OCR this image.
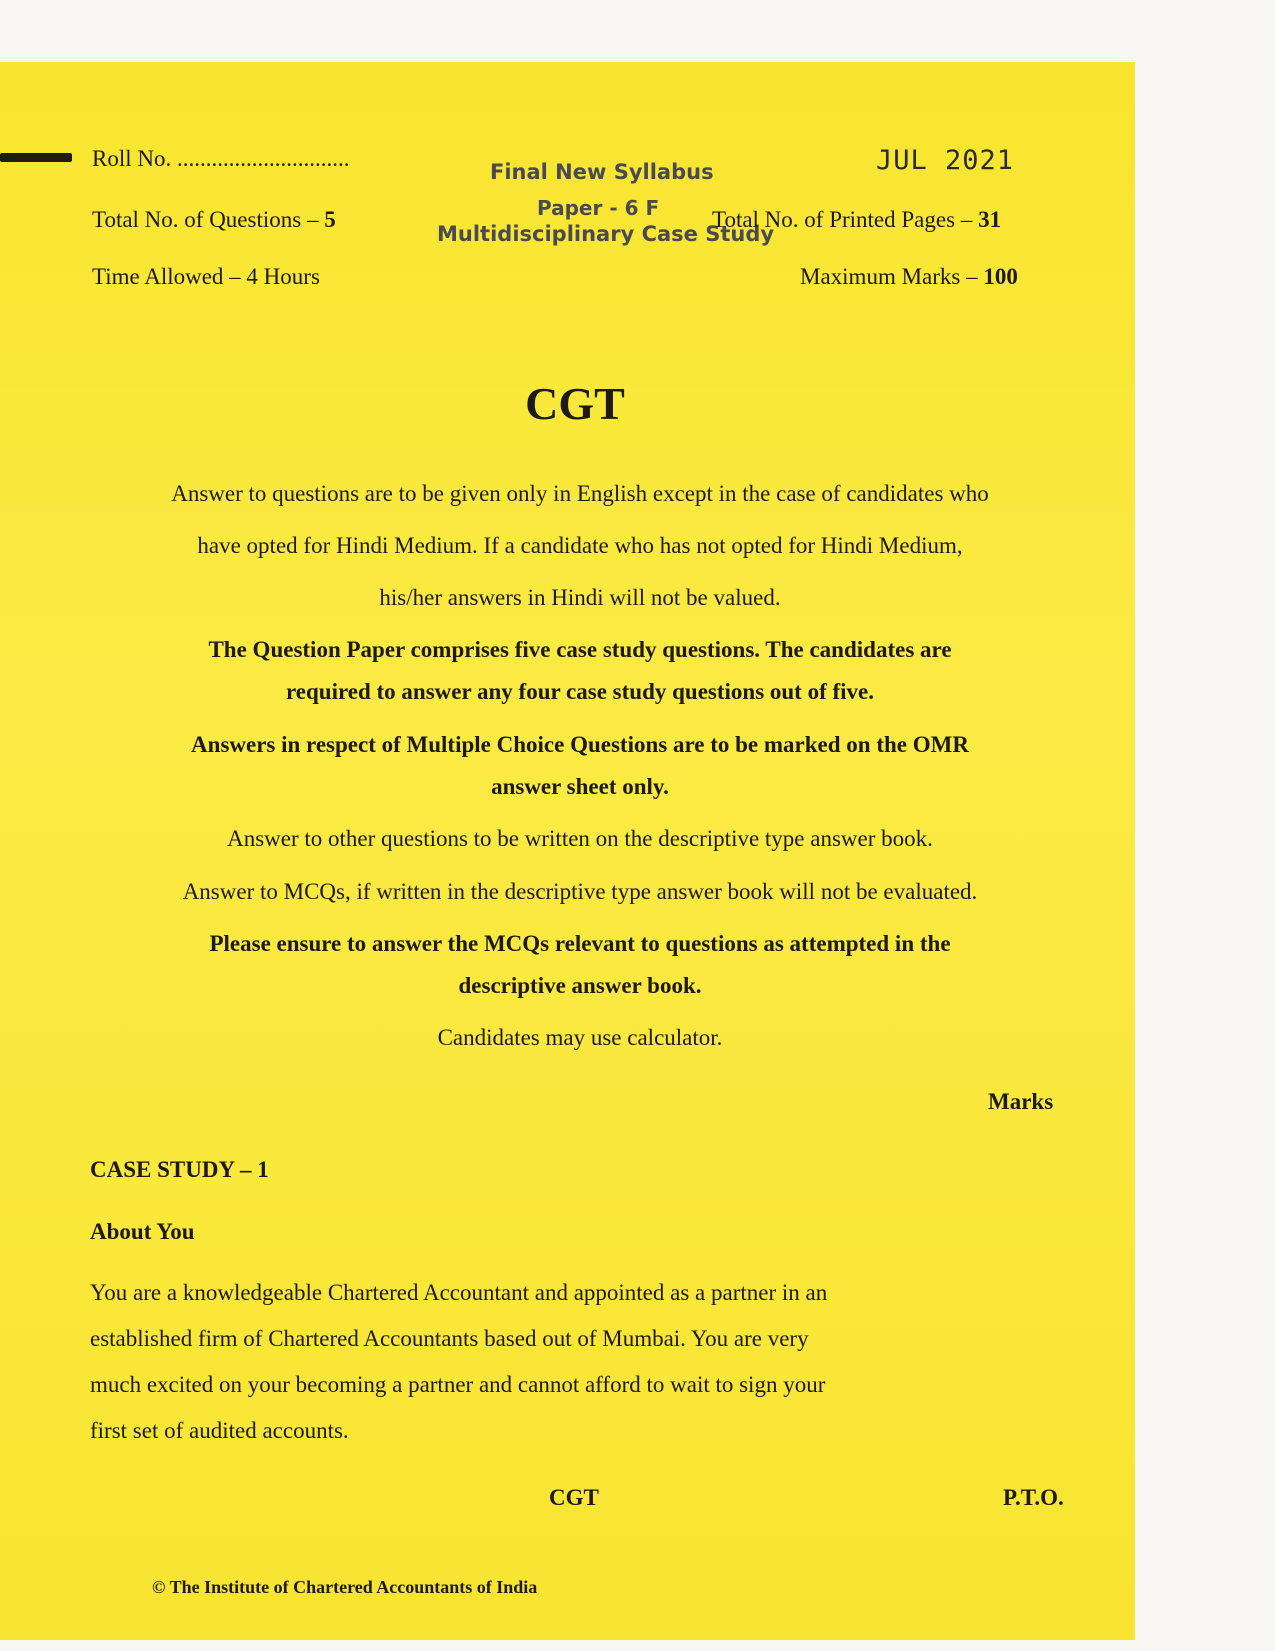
Roll No. ..............................
Final New Syllabus	JUL 2021
Total No. of Questions – 5	Paper - 6 F
Multidisciplinary Case Study
Total No. of Printed Pages – 31
Time Allowed – 4 Hours	Maximum Marks – 100
CGT
Answer to questions are to be given only in English except in the case of candidates who
have opted for Hindi Medium. If a candidate who has not opted for Hindi Medium,
his/her answers in Hindi will not be valued.
The Question Paper comprises five case study questions. The candidates are
required to answer any four case study questions out of five.
Answers in respect of Multiple Choice Questions are to be marked on the OMR
answer sheet only.
Answer to other questions to be written on the descriptive type answer book.
Answer to MCQs, if written in the descriptive type answer book will not be evaluated.
Please ensure to answer the MCQs relevant to questions as attempted in the
descriptive answer book.
Candidates may use calculator.
Marks
CASE STUDY – 1
About You
You are a knowledgeable Chartered Accountant and appointed as a partner in an
established firm of Chartered Accountants based out of Mumbai. You are very
much excited on your becoming a partner and cannot afford to wait to sign your
first set of audited accounts.
CGT	P.T.O.
© The Institute of Chartered Accountants of India
